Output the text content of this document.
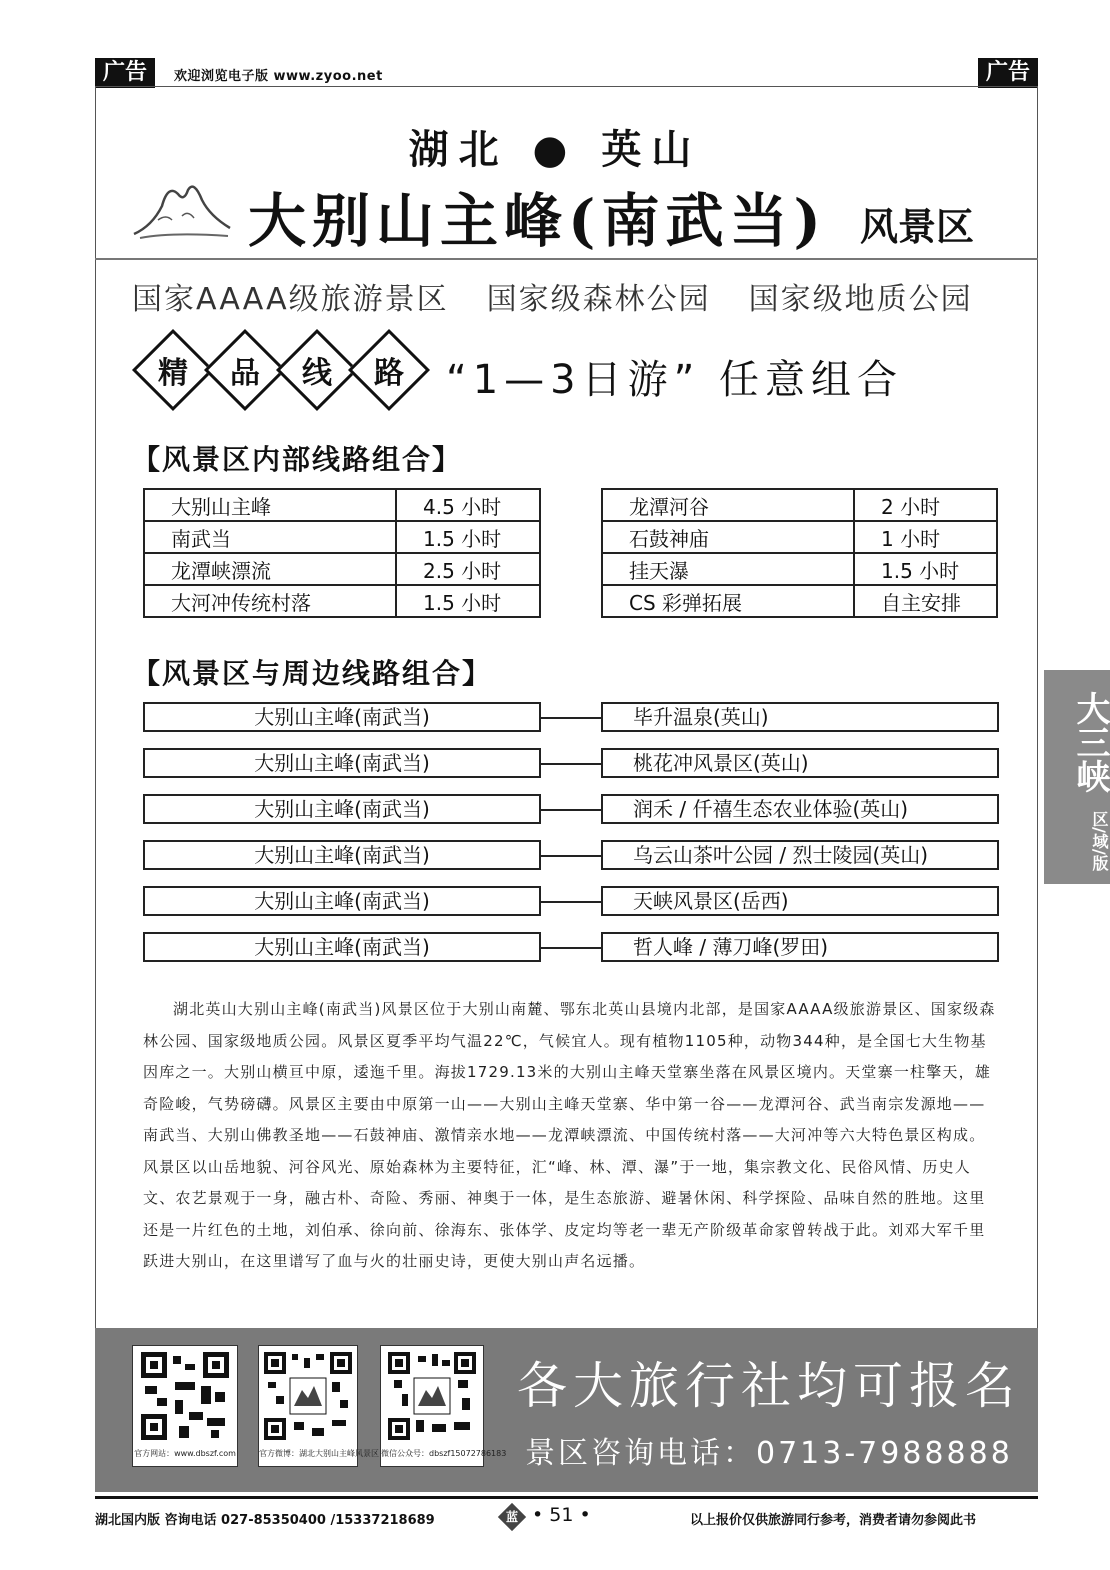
广告	欢迎浏览电子版 www.zyoo.net	广告
湖北 ● 英山
大别山主峰(南武当) 风景区
国家AAAA级旅游景区 国家级森林公园 国家级地质公园
精	品	线	路	“1—3日游” 任意组合
【风景区内部线路组合】
大别山主峰	4.5 小时
南武当	1.5 小时
龙潭峡漂流	2.5 小时
大河冲传统村落	1.5 小时
龙潭河谷	2 小时
石鼓神庙	1 小时
挂天瀑	1.5 小时
CS 彩弹拓展	自主安排
【风景区与周边线路组合】
大别山主峰(南武当)	毕升温泉(英山)
大别山主峰(南武当)	桃花冲风景区(英山)
大别山主峰(南武当)	润禾 / 仟禧生态农业体验(英山)
大别山主峰(南武当)	乌云山茶叶公园 / 烈士陵园(英山)
大别山主峰(南武当)	天峡风景区(岳西)
大别山主峰(南武当)	哲人峰 / 薄刀峰(罗田)
湖北英山大别山主峰(南武当)风景区位于大别山南麓、鄂东北英山县境内北部，是国家AAAA级旅游景区、国家级森林公园、国家级地质公园。风景区夏季平均气温22℃，气候宜人。现有植物1105种，动物344种，是全国七大生物基因库之一。大别山横亘中原，逶迤千里。海拔1729.13米的大别山主峰天堂寨坐落在风景区境内。天堂寨一柱擎天，雄奇险峻，气势磅礴。风景区主要由中原第一山——大别山主峰天堂寨、华中第一谷——龙潭河谷、武当南宗发源地——南武当、大别山佛教圣地——石鼓神庙、激情亲水地——龙潭峡漂流、中国传统村落——大河冲等六大特色景区构成。风景区以山岳地貌、河谷风光、原始森林为主要特征，汇“峰、林、潭、瀑”于一地，集宗教文化、民俗风情、历史人文、农艺景观于一身，融古朴、奇险、秀丽、神奥于一体，是生态旅游、避暑休闲、科学探险、品味自然的胜地。这里还是一片红色的土地，刘伯承、徐向前、徐海东、张体学、皮定均等老一辈无产阶级革命家曾转战于此。刘邓大军千里跃进大别山，在这里谱写了血与火的壮丽史诗，更使大别山声名远播。
官方网站：www.dbszf.com	官方微博：湖北大别山主峰风景区 微信公众号：dbszf15072786183
各大旅行社均可报名
景区咨询电话：0713-7988888
大三峡
区/域/版
湖北国内版 咨询电话 027-85350400 /15337218689	蓝 • 51 •	以上报价仅供旅游同行参考，消费者请勿参阅此书
